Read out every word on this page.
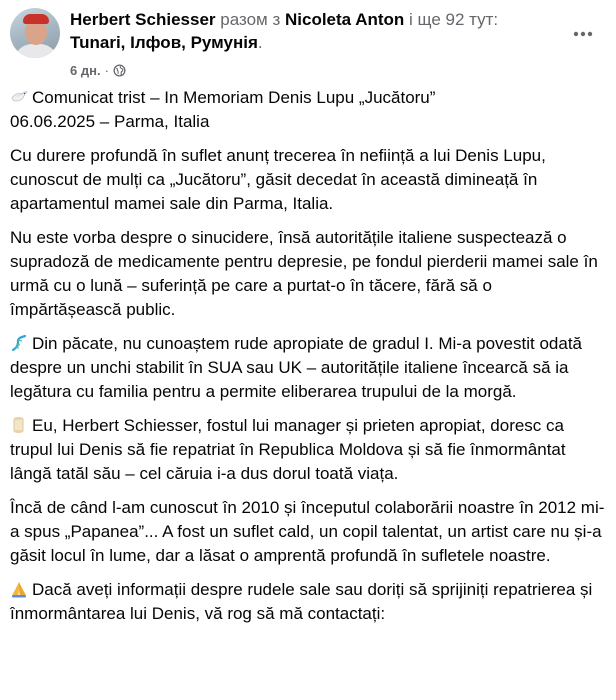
Herbert Schiesser разом з Nicoleta Anton і ще 92 тут: Tunari, Ілфов, Румунія.
6 дн. ·

Comunicat trist – In Memoriam Denis Lupu „Jucătoru”

06.06.2025 – Parma, Italia

Cu durere profundă în suflet anunț trecerea în neființă a lui Denis Lupu, cunoscut de mulți ca „Jucătoru”, găsit decedat în această dimineață în apartamentul mamei sale din Parma, Italia.

Nu este vorba despre o sinucidere, însă autoritățile italiene suspectează o supradoză de medicamente pentru depresie, pe fondul pierderii mamei sale în urmă cu o lună – suferință pe care a purtat-o în tăcere, fără să o împărtășească public.

Din păcate, nu cunoaștem rude apropiate de gradul I. Mi-a povestit odată despre un unchi stabilit în SUA sau UK – autoritățile italiene încearcă să ia legătura cu familia pentru a permite eliberarea trupului de la morgă.

Eu, Herbert Schiesser, fostul lui manager și prieten apropiat, doresc ca trupul lui Denis să fie repatriat în Republica Moldova și să fie înmormântat lângă tatăl său – cel căruia i-a dus dorul toată viața.

Încă de când l-am cunoscut în 2010 și începutul colaborării noastre în 2012 mi-a spus „Papanea”... A fost un suflet cald, un copil talentat, un artist care nu și-a găsit locul în lume, dar a lăsat o amprentă profundă în sufletele noastre.

Dacă aveți informații despre rudele sale sau doriți să sprijiniți repatrierea și înmormântarea lui Denis, vă rog să mă contactați:
